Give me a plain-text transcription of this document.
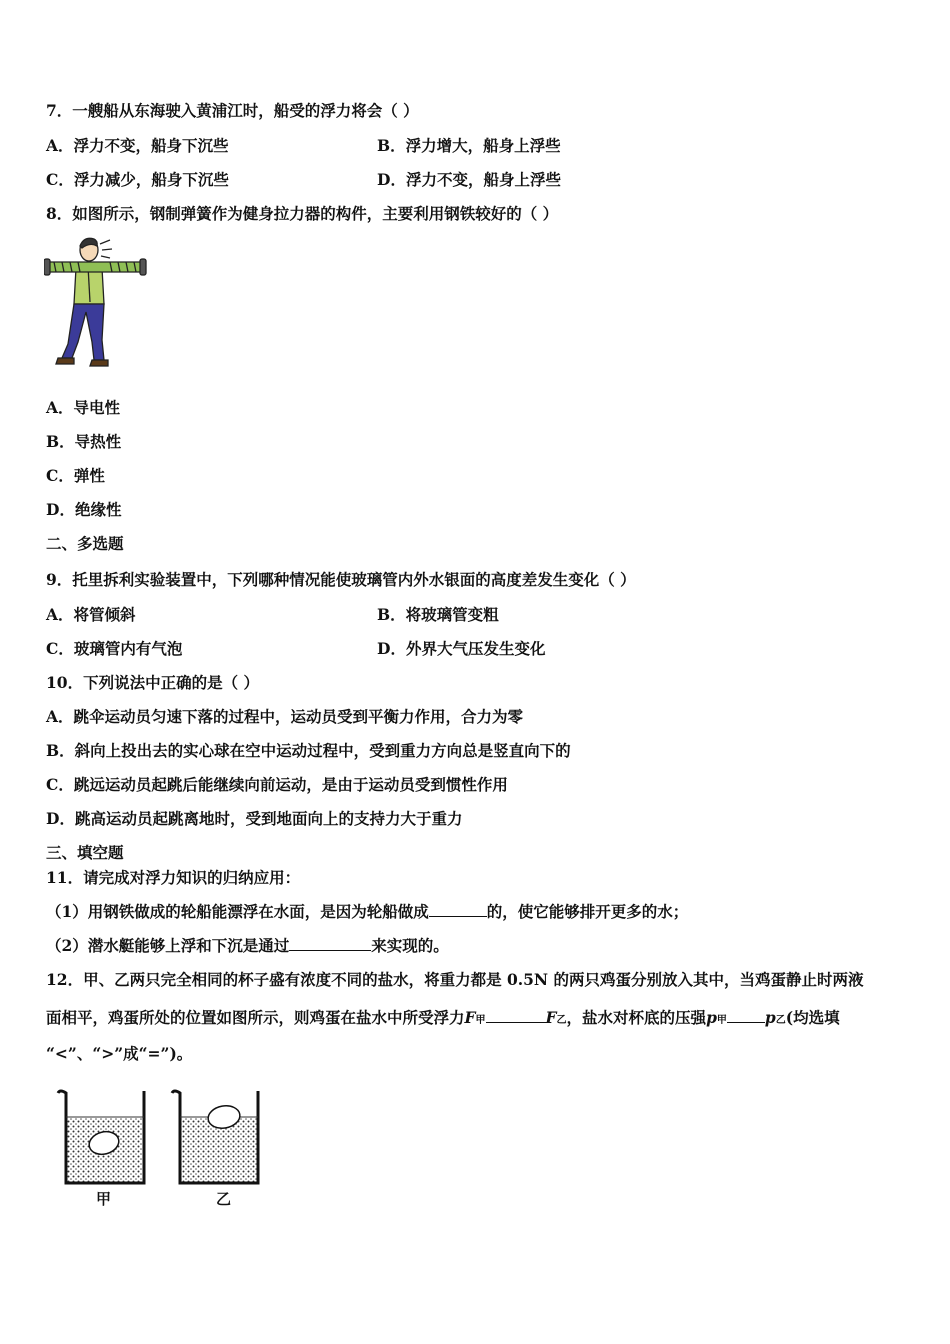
7．一艘船从东海驶入黄浦江时，船受的浮力将会（ ）
A．浮力不变，船身下沉些	B．浮力增大，船身上浮些
C．浮力减少，船身下沉些	D．浮力不变，船身上浮些
8．如图所示，钢制弹簧作为健身拉力器的构件，主要利用钢铁较好的（ ）
A．导电性
B．导热性
C．弹性
D．绝缘性
二、多选题
9．托里拆利实验装置中，下列哪种情况能使玻璃管内外水银面的高度差发生变化（ ）
A．将管倾斜	B．将玻璃管变粗
C．玻璃管内有气泡	D．外界大气压发生变化
10．下列说法中正确的是（ ）
A．跳伞运动员匀速下落的过程中，运动员受到平衡力作用，合力为零
B．斜向上投出去的实心球在空中运动过程中，受到重力方向总是竖直向下的
C．跳远运动员起跳后能继续向前运动，是由于运动员受到惯性作用
D．跳高运动员起跳离地时，受到地面向上的支持力大于重力
三、填空题
11．请完成对浮力知识的归纳应用：
（1）用钢铁做成的轮船能漂浮在水面，是因为轮船做成	的，使它能够排开更多的水；
（2）潜水艇能够上浮和下沉是通过	来实现的。
12．甲、乙两只完全相同的杯子盛有浓度不同的盐水，将重力都是 0.5N 的两只鸡蛋分别放入其中，当鸡蛋静止时两液
面相平，鸡蛋所处的位置如图所示，则鸡蛋在盐水中所受浮力F甲	F乙，盐水对杯底的压强p甲 p乙(均选填
“<”、“>”成“=”)。
甲	乙
